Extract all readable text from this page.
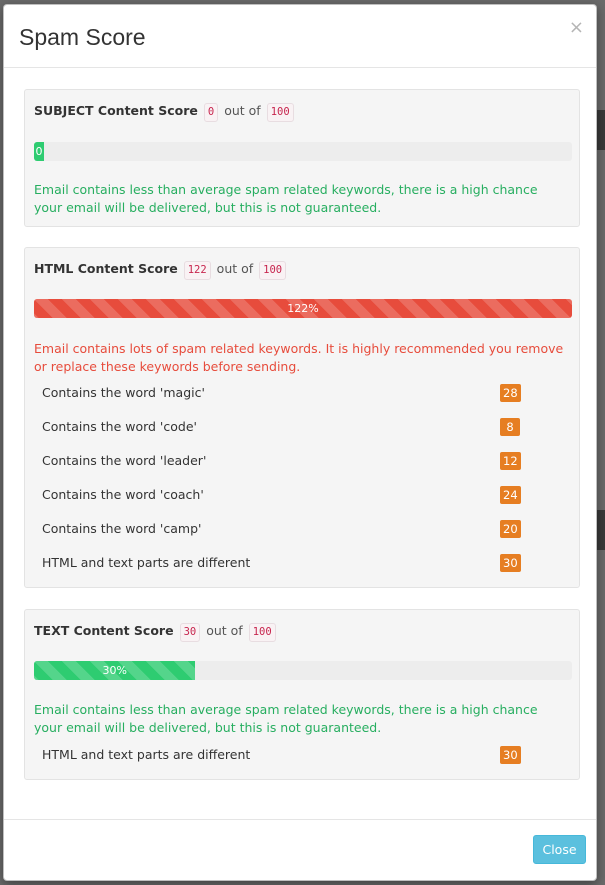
Spam Score	×
SUBJECT Content Score 0 out of 100
0
Email contains less than average spam related keywords, there is a high chance your email will be delivered, but this is not guaranteed.
HTML Content Score 122 out of 100
122%
Email contains lots of spam related keywords. It is highly recommended you remove or replace these keywords before sending.
Contains the word 'magic'	28
Contains the word 'code'	8
Contains the word 'leader'	12
Contains the word 'coach'	24
Contains the word 'camp'	20
HTML and text parts are different	30
TEXT Content Score 30 out of 100
30%
Email contains less than average spam related keywords, there is a high chance your email will be delivered, but this is not guaranteed.
HTML and text parts are different	30
Close
